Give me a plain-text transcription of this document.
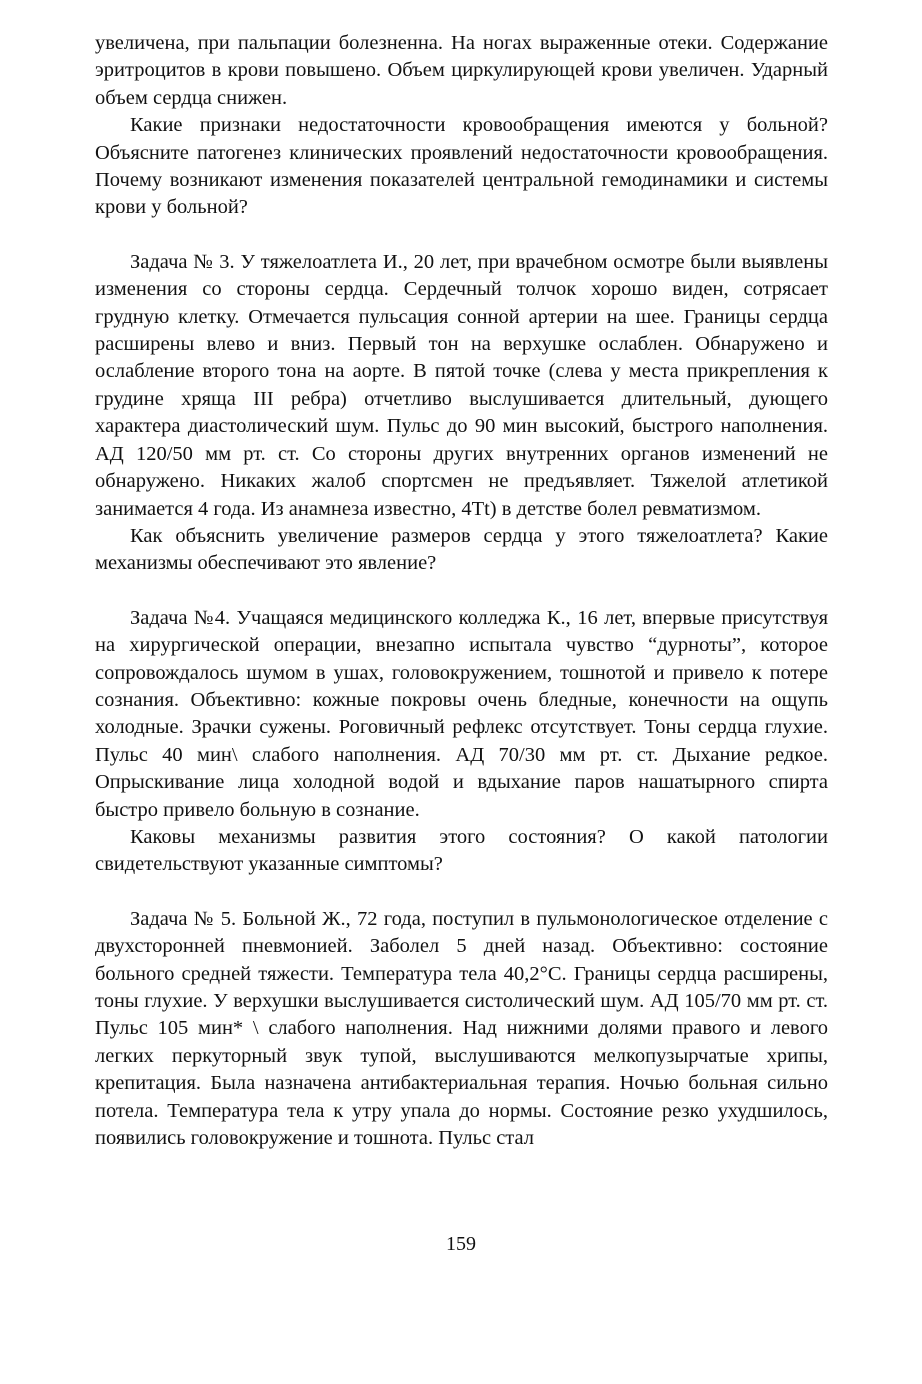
увеличена, при пальпации болезненна. На ногах выраженные отеки. Содержание эритроцитов в крови повышено. Объем циркулирующей крови увеличен. Ударный объем сердца снижен.

Какие признаки недостаточности кровообращения имеются у больной? Объясните патогенез клинических проявлений недостаточности кровообращения. Почему возникают изменения показателей центральной гемодинамики и системы крови у больной?

Задача № 3. У тяжелоатлета И., 20 лет, при врачебном осмотре были выявлены изменения со стороны сердца. Сердечный толчок хорошо виден, сотрясает грудную клетку. Отмечается пульсация сонной артерии на шее. Границы сердца расширены влево и вниз. Первый тон на верхушке ослаблен. Обнаружено и ослабление второго тона на аорте. В пятой точке (слева у места прикрепления к грудине хряща III ребра) отчетливо выслушивается длительный, дующего характера диастолический шум. Пульс до 90 мин высокий, быстрого наполнения. АД 120/50 мм рт. ст. Со стороны других внутренних органов изменений не обнаружено. Никаких жалоб спортсмен не предъявляет. Тяжелой атлетикой занимается 4 года. Из анамнеза известно, 4Tt) в детстве болел ревматизмом.

Как объяснить увеличение размеров сердца у этого тяжелоатлета? Какие механизмы обеспечивают это явление?

Задача №4. Учащаяся медицинского колледжа К., 16 лет, впервые присутствуя на хирургической операции, внезапно испытала чувство “дурноты”, которое сопровождалось шумом в ушах, головокружением, тошнотой и привело к потере сознания. Объективно: кожные покровы очень бледные, конечности на ощупь холодные. Зрачки сужены. Роговичный рефлекс отсутствует. Тоны сердца глухие. Пульс 40 мин\ слабого наполнения. АД 70/30 мм рт. ст. Дыхание редкое. Опрыскивание лица холодной водой и вдыхание паров нашатырного спирта быстро привело больную в сознание.

Каковы механизмы развития этого состояния? О какой патологии свидетельствуют указанные симптомы?

Задача № 5. Больной Ж., 72 года, поступил в пульмонологическое отделение с двухсторонней пневмонией. Заболел 5 дней назад. Объективно: состояние больного средней тяжести. Температура тела 40,2°С. Границы сердца расширены, тоны глухие. У верхушки выслушивается систолический шум. АД 105/70 мм рт. ст. Пульс 105 мин* \ слабого наполнения. Над нижними долями правого и левого легких перкуторный звук тупой, выслушиваются мелкопузырчатые хрипы, крепитация. Была назначена антибактериальная терапия. Ночью больная сильно потела. Температура тела к утру упала до нормы. Состояние резко ухудшилось, появились головокружение и тошнота. Пульс стал

159
